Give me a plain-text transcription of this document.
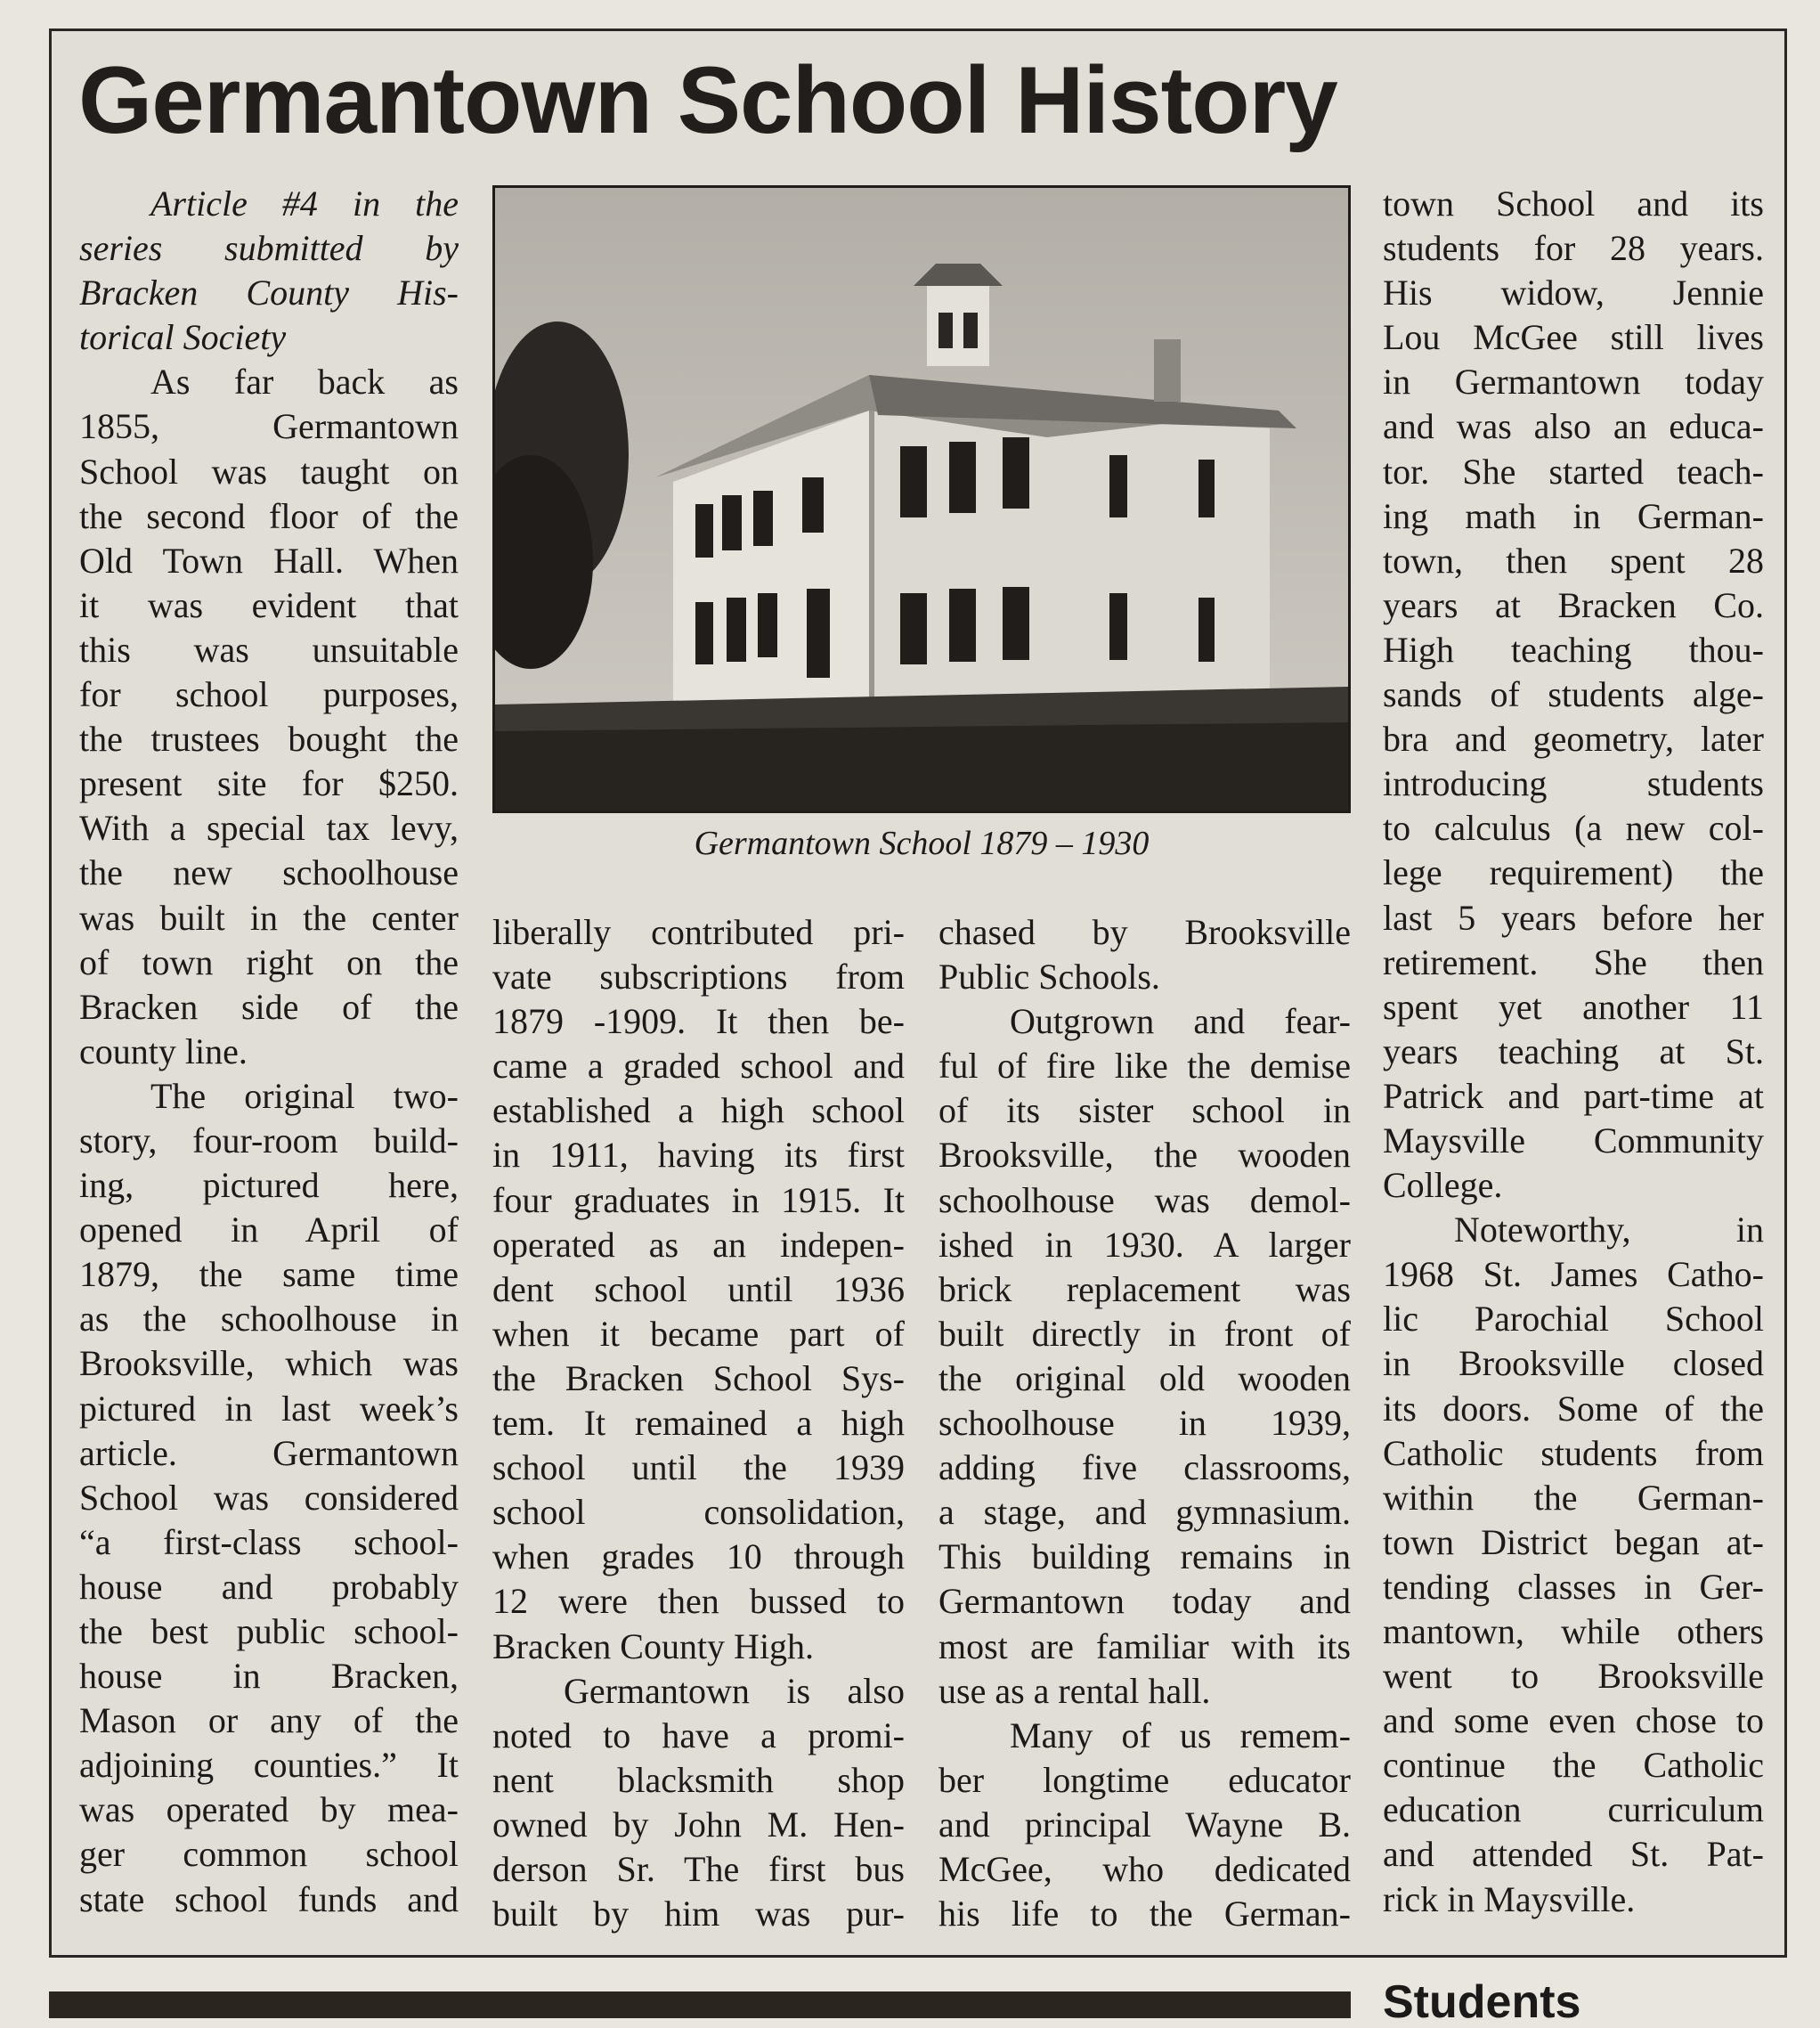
Germantown School History
Article #4 in the
series submitted by
Bracken County His-
torical Society
As far back as
1855, Germantown
School was taught on
the second floor of the
Old Town Hall. When
it was evident that
this was unsuitable
for school purposes,
the trustees bought the
present site for $250.
With a special tax levy,
the new schoolhouse
was built in the center
of town right on the
Bracken side of the
county line.
The original two-
story, four-room build-
ing, pictured here,
opened in April of
1879, the same time
as the schoolhouse in
Brooksville, which was
pictured in last week’s
article. Germantown
School was considered
“a first-class school-
house and probably
the best public school-
house in Bracken,
Mason or any of the
adjoining counties.” It
was operated by mea-
ger common school
state school funds and
liberally contributed pri-
vate subscriptions from
1879 -1909. It then be-
came a graded school and
established a high school
in 1911, having its first
four graduates in 1915. It
operated as an indepen-
dent school until 1936
when it became part of
the Bracken School Sys-
tem. It remained a high
school until the 1939
school consolidation,
when grades 10 through
12 were then bussed to
Bracken County High.
Germantown is also
noted to have a promi-
nent blacksmith shop
owned by John M. Hen-
derson Sr. The first bus
built by him was pur-
chased by Brooksville
Public Schools.
Outgrown and fear-
ful of fire like the demise
of its sister school in
Brooksville, the wooden
schoolhouse was demol-
ished in 1930. A larger
brick replacement was
built directly in front of
the original old wooden
schoolhouse in 1939,
adding five classrooms,
a stage, and gymnasium.
This building remains in
Germantown today and
most are familiar with its
use as a rental hall.
Many of us remem-
ber longtime educator
and principal Wayne B.
McGee, who dedicated
his life to the German-
town School and its
students for 28 years.
His widow, Jennie
Lou McGee still lives
in Germantown today
and was also an educa-
tor. She started teach-
ing math in German-
town, then spent 28
years at Bracken Co.
High teaching thou-
sands of students alge-
bra and geometry, later
introducing students
to calculus (a new col-
lege requirement) the
last 5 years before her
retirement. She then
spent yet another 11
years teaching at St.
Patrick and part-time at
Maysville Community
College.
Noteworthy, in
1968 St. James Catho-
lic Parochial School
in Brooksville closed
its doors. Some of the
Catholic students from
within the German-
town District began at-
tending classes in Ger-
mantown, while others
went to Brooksville
and some even chose to
continue the Catholic
education curriculum
and attended St. Pat-
rick in Maysville.
Germantown School 1879 – 1930
Students
